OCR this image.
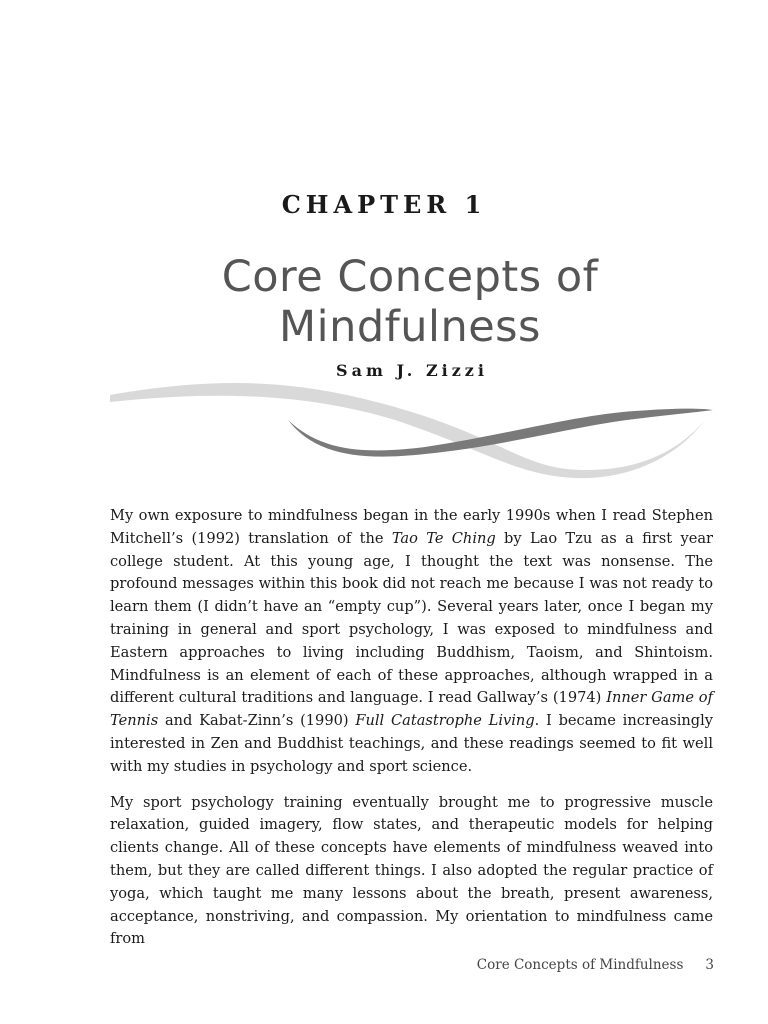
CHAPTER 1
Core Concepts of
Mindfulness
Sam J. Zizzi

My own exposure to mindfulness began in the early 1990s when I read Stephen Mitchell’s (1992) translation of the Tao Te Ching by Lao Tzu as a first year college student. At this young age, I thought the text was nonsense. The profound messages within this book did not reach me because I was not ready to learn them (I didn’t have an “empty cup”). Several years later, once I began my training in general and sport psychology, I was exposed to mindfulness and Eastern approaches to living including Buddhism, Taoism, and Shintoism. Mindfulness is an element of each of these approaches, although wrapped in a different cultural traditions and language. I read Gallway’s (1974) Inner Game of Tennis and Kabat-Zinn’s (1990) Full Catastrophe Living. I became increasingly interested in Zen and Buddhist teachings, and these readings seemed to fit well with my studies in psychology and sport science.

My sport psychology training eventually brought me to progressive muscle relaxation, guided imagery, flow states, and therapeutic models for helping clients change. All of these concepts have elements of mindfulness weaved into them, but they are called different things. I also adopted the regular practice of yoga, which taught me many lessons about the breath, present awareness, acceptance, nonstriving, and compassion. My orientation to mindfulness came from

Core Concepts of Mindfulness 3
